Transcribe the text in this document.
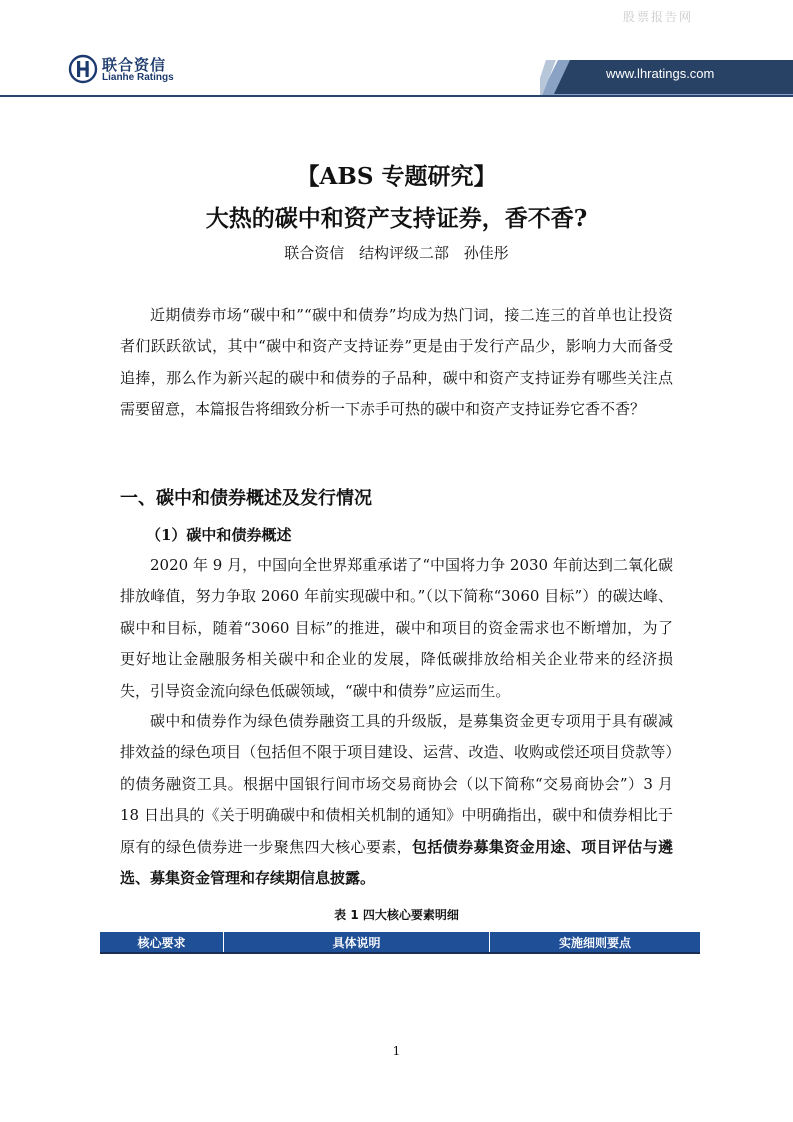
股票报告网
联合资信
Lianhe Ratings	www.lhratings.com
【ABS 专题研究】
大热的碳中和资产支持证券，香不香?
联合资信 结构评级二部 孙佳彤

近期债券市场“碳中和”“碳中和债券”均成为热门词，接二连三的首单也让投资者们跃跃欲试，其中“碳中和资产支持证券”更是由于发行产品少，影响力大而备受追捧，那么作为新兴起的碳中和债券的子品种，碳中和资产支持证券有哪些关注点需要留意，本篇报告将细致分析一下赤手可热的碳中和资产支持证券它香不香？

一、碳中和债券概述及发行情况
（1）碳中和债券概述

2020 年 9 月，中国向全世界郑重承诺了“中国将力争 2030 年前达到二氧化碳排放峰值，努力争取 2060 年前实现碳中和。”（以下简称“3060 目标”）的碳达峰、碳中和目标，随着“3060 目标”的推进，碳中和项目的资金需求也不断增加，为了更好地让金融服务相关碳中和企业的发展，降低碳排放给相关企业带来的经济损失，引导资金流向绿色低碳领域，“碳中和债券”应运而生。

碳中和债券作为绿色债券融资工具的升级版，是募集资金更专项用于具有碳减排效益的绿色项目（包括但不限于项目建设、运营、改造、收购或偿还项目贷款等）的债务融资工具。根据中国银行间市场交易商协会（以下简称“交易商协会”）3 月 18 日出具的《关于明确碳中和债相关机制的通知》中明确指出，碳中和债券相比于原有的绿色债券进一步聚焦四大核心要素，包括债券募集资金用途、项目评估与遴选、募集资金管理和存续期信息披露。

表 1 四大核心要素明细
核心要求	具体说明	实施细则要点
1
